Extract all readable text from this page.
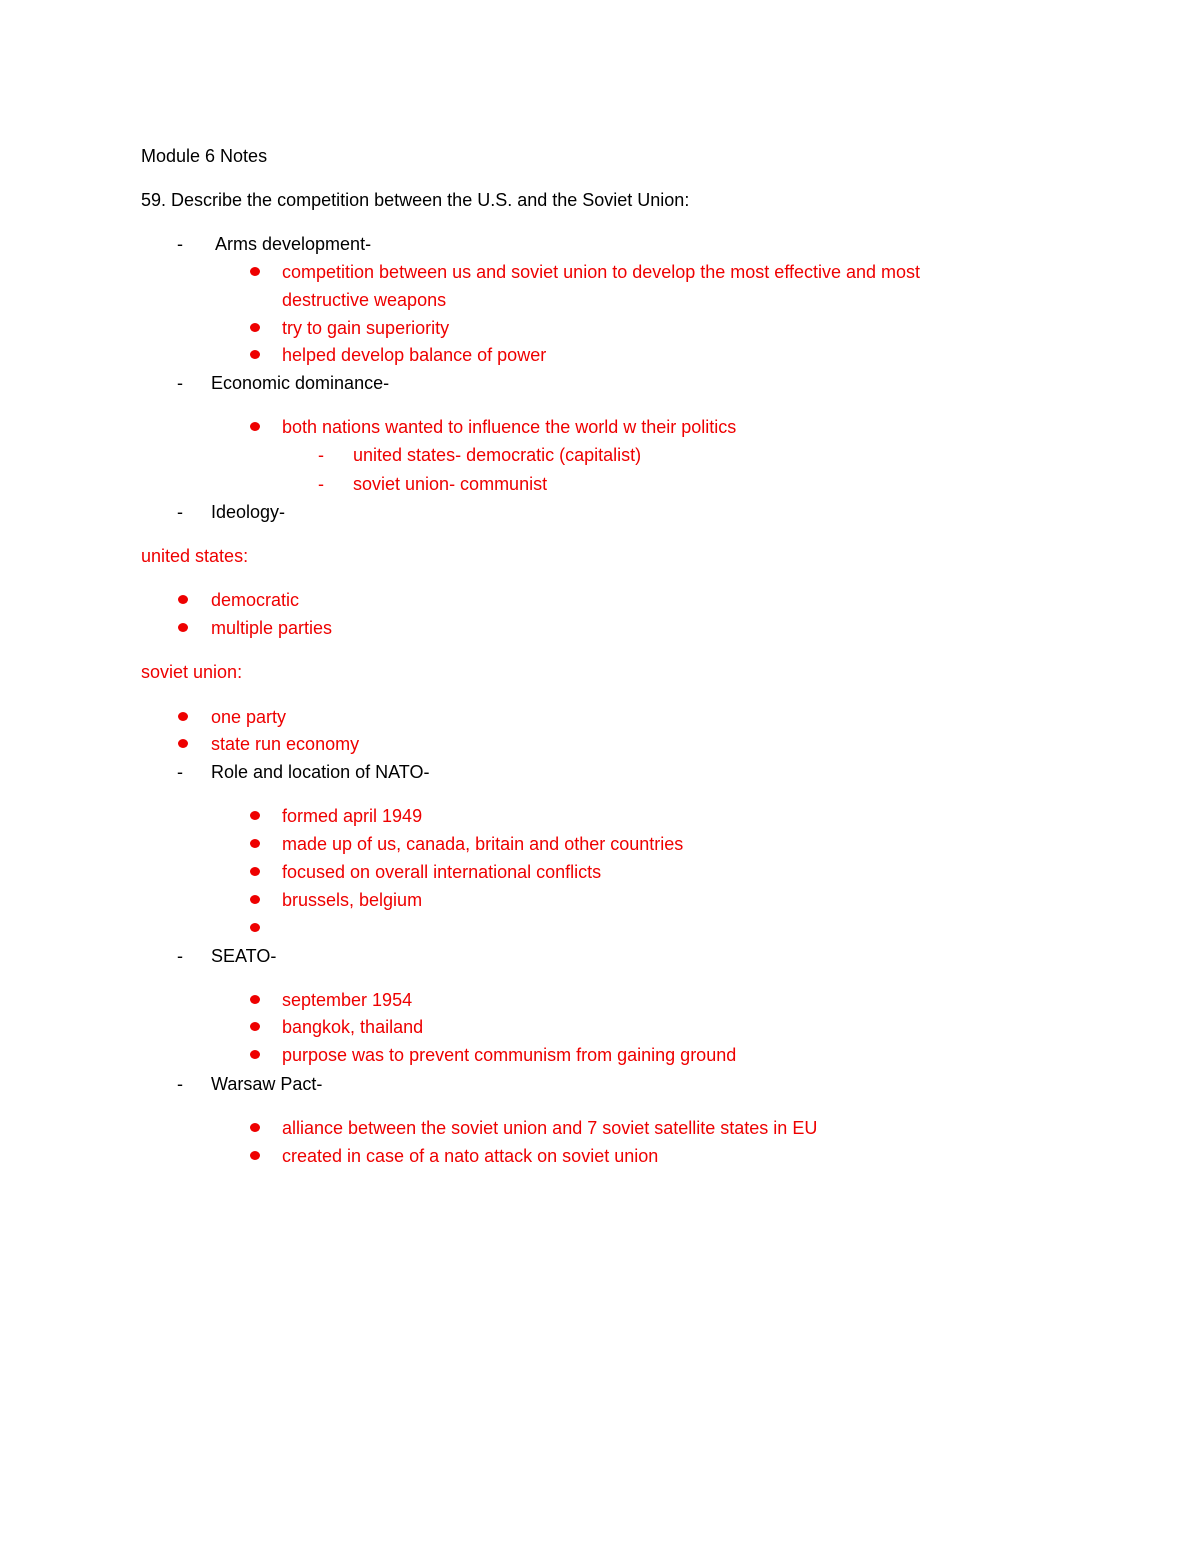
Module 6 Notes
59. Describe the competition between the U.S. and the Soviet Union:
- Arms development-
competition between us and soviet union to develop the most effective and most
destructive weapons
try to gain superiority
helped develop balance of power
- Economic dominance-
both nations wanted to influence the world w their politics
- united states- democratic (capitalist)
- soviet union- communist
- Ideology-
united states:
democratic
multiple parties
soviet union:
one party
state run economy
- Role and location of NATO-
formed april 1949
made up of us, canada, britain and other countries
focused on overall international conflicts
brussels, belgium
- SEATO-
september 1954
bangkok, thailand
purpose was to prevent communism from gaining ground
- Warsaw Pact-
alliance between the soviet union and 7 soviet satellite states in EU
created in case of a nato attack on soviet union
